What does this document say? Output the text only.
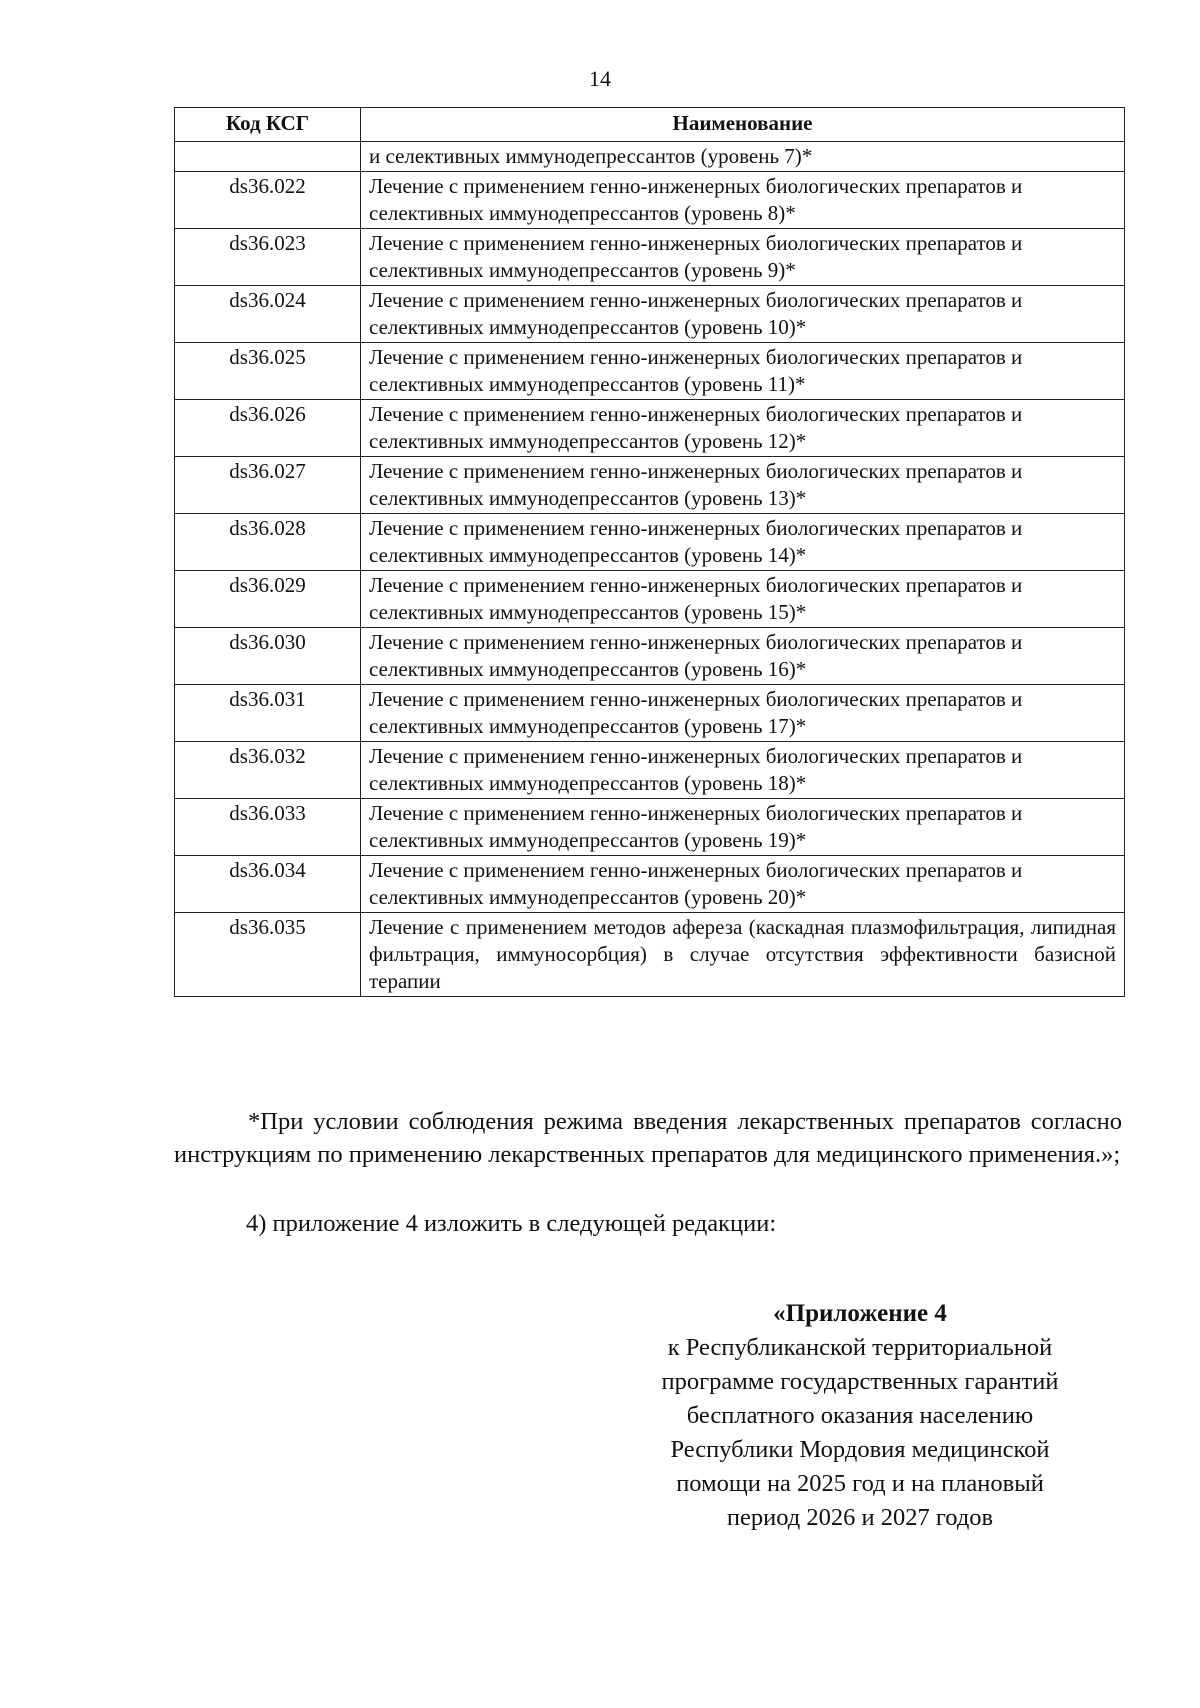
14
Код КСГ	Наименование
	и селективных иммунодепрессантов (уровень 7)*
ds36.022	Лечение с применением генно-инженерных биологических препаратов и селективных иммунодепрессантов (уровень 8)*
ds36.023	Лечение с применением генно-инженерных биологических препаратов и селективных иммунодепрессантов (уровень 9)*
ds36.024	Лечение с применением генно-инженерных биологических препаратов и селективных иммунодепрессантов (уровень 10)*
ds36.025	Лечение с применением генно-инженерных биологических препаратов и селективных иммунодепрессантов (уровень 11)*
ds36.026	Лечение с применением генно-инженерных биологических препаратов и селективных иммунодепрессантов (уровень 12)*
ds36.027	Лечение с применением генно-инженерных биологических препаратов и селективных иммунодепрессантов (уровень 13)*
ds36.028	Лечение с применением генно-инженерных биологических препаратов и селективных иммунодепрессантов (уровень 14)*
ds36.029	Лечение с применением генно-инженерных биологических препаратов и селективных иммунодепрессантов (уровень 15)*
ds36.030	Лечение с применением генно-инженерных биологических препаратов и селективных иммунодепрессантов (уровень 16)*
ds36.031	Лечение с применением генно-инженерных биологических препаратов и селективных иммунодепрессантов (уровень 17)*
ds36.032	Лечение с применением генно-инженерных биологических препаратов и селективных иммунодепрессантов (уровень 18)*
ds36.033	Лечение с применением генно-инженерных биологических препаратов и селективных иммунодепрессантов (уровень 19)*
ds36.034	Лечение с применением генно-инженерных биологических препаратов и селективных иммунодепрессантов (уровень 20)*
ds36.035	Лечение с применением методов афереза (каскадная плазмофильтрация, липидная фильтрация, иммуносорбция) в случае отсутствия эффективности базисной терапии

*При условии соблюдения режима введения лекарственных препаратов согласно инструкциям по применению лекарственных препаратов для медицинского применения.»;

4) приложение 4 изложить в следующей редакции:

«Приложение 4
к Республиканской территориальной
программе государственных гарантий
бесплатного оказания населению
Республики Мордовия медицинской
помощи на 2025 год и на плановый
период 2026 и 2027 годов
